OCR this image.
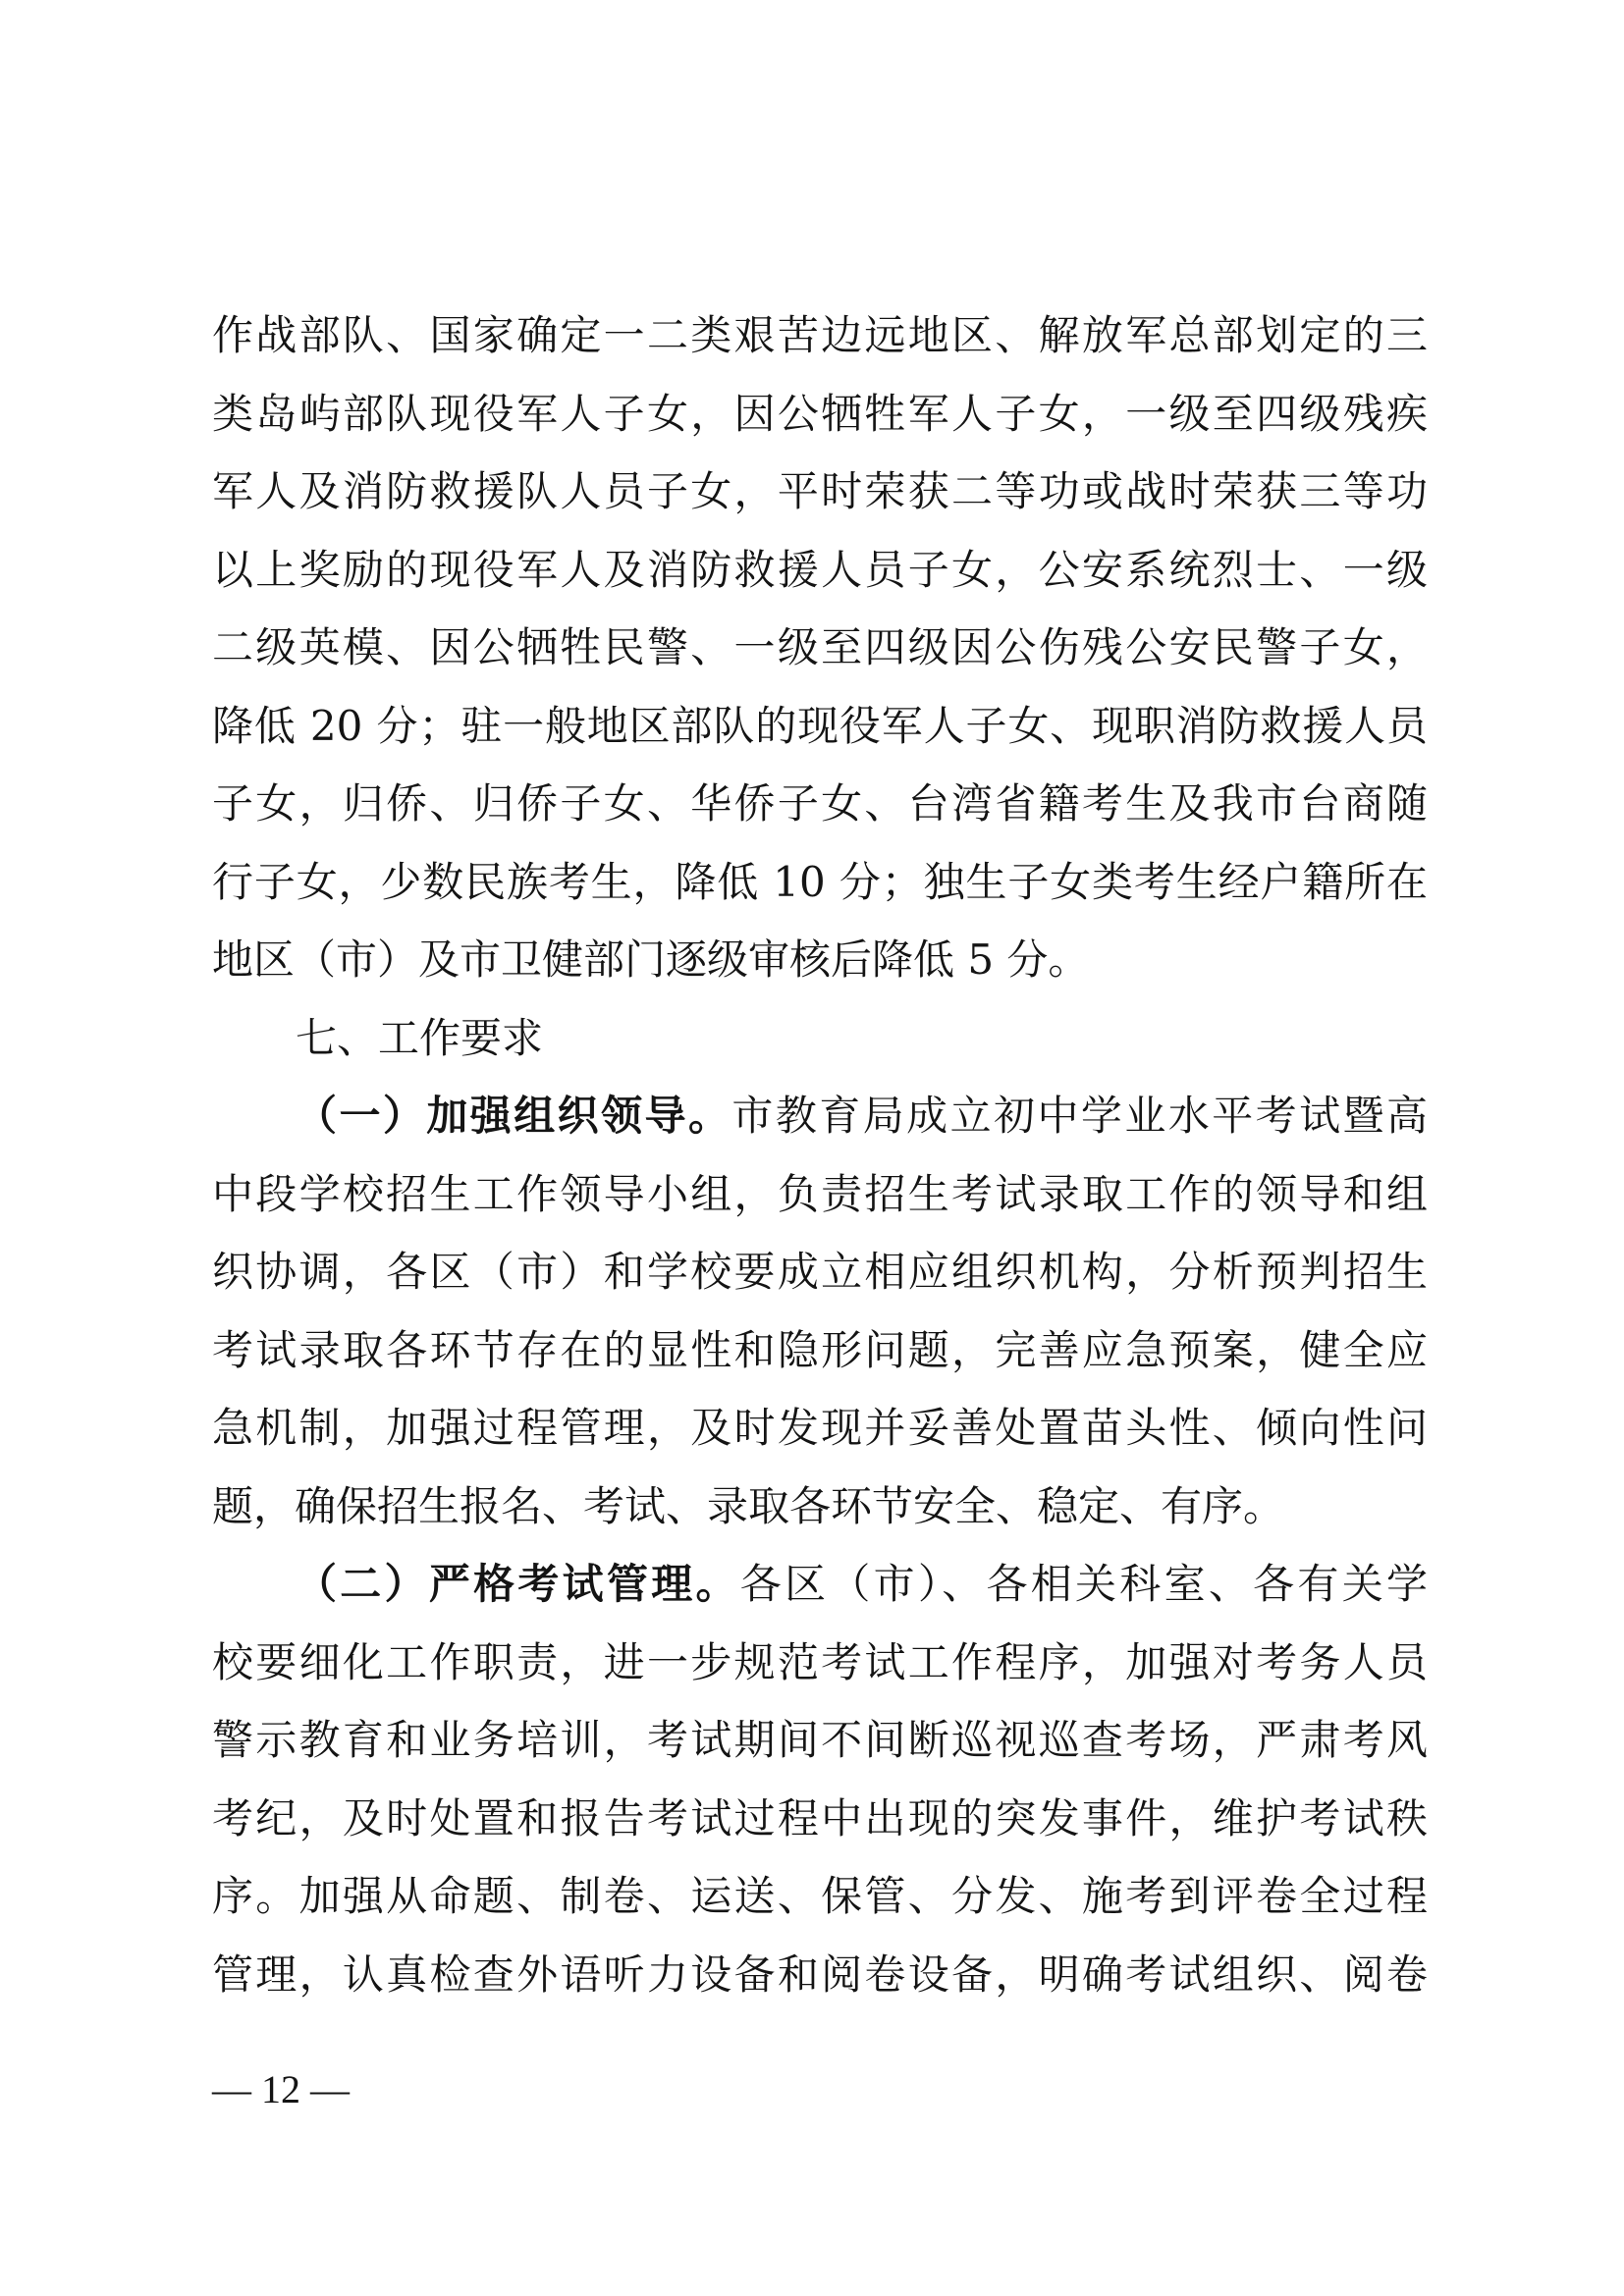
作战部队、国家确定一二类艰苦边远地区、解放军总部划定的三
类岛屿部队现役军人子女，因公牺牲军人子女，一级至四级残疾
军人及消防救援队人员子女，平时荣获二等功或战时荣获三等功
以上奖励的现役军人及消防救援人员子女，公安系统烈士、一级
二级英模、因公牺牲民警、一级至四级因公伤残公安民警子女，
降低 20 分；驻一般地区部队的现役军人子女、现职消防救援人员
子女，归侨、归侨子女、华侨子女、台湾省籍考生及我市台商随
行子女，少数民族考生，降低 10 分；独生子女类考生经户籍所在
地区（市）及市卫健部门逐级审核后降低 5 分。
七、工作要求
（一）加强组织领导。市教育局成立初中学业水平考试暨高
中段学校招生工作领导小组，负责招生考试录取工作的领导和组
织协调，各区（市）和学校要成立相应组织机构，分析预判招生
考试录取各环节存在的显性和隐形问题，完善应急预案，健全应
急机制，加强过程管理，及时发现并妥善处置苗头性、倾向性问
题，确保招生报名、考试、录取各环节安全、稳定、有序。
（二）严格考试管理。各区（市）、各相关科室、各有关学
校要细化工作职责，进一步规范考试工作程序，加强对考务人员
警示教育和业务培训，考试期间不间断巡视巡查考场，严肃考风
考纪，及时处置和报告考试过程中出现的突发事件，维护考试秩
序。加强从命题、制卷、运送、保管、分发、施考到评卷全过程
管理，认真检查外语听力设备和阅卷设备，明确考试组织、阅卷
— 12 —
